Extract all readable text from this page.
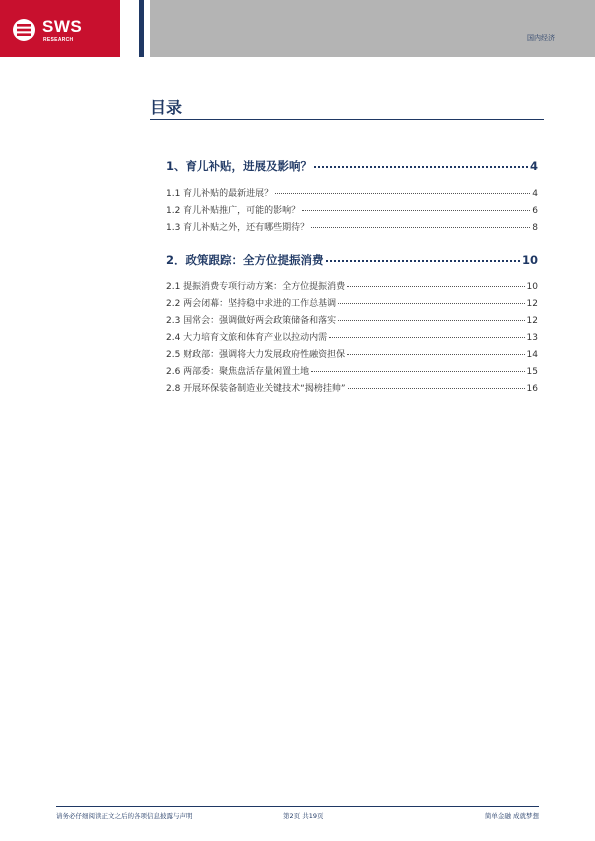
SWS
RESEARCH	国内经济
目录
1、育儿补贴，进展及影响？	4
1.1 育儿补贴的最新进展？	4
1.2 育儿补贴推广，可能的影响？	6
1.3 育儿补贴之外，还有哪些期待？	8
2．政策跟踪：全方位提振消费	10
2.1 提振消费专项行动方案：全方位提振消费	10
2.2 两会闭幕：坚持稳中求进的工作总基调	12
2.3 国常会：强调做好两会政策储备和落实	12
2.4 大力培育文旅和体育产业以拉动内需	13
2.5 财政部：强调将大力发展政府性融资担保	14
2.6 两部委：聚焦盘活存量闲置土地	15
2.8 开展环保装备制造业关键技术“揭榜挂帅”	16
请务必仔细阅读正文之后的各项信息披露与声明	第2页 共19页	简单金融 成就梦想
